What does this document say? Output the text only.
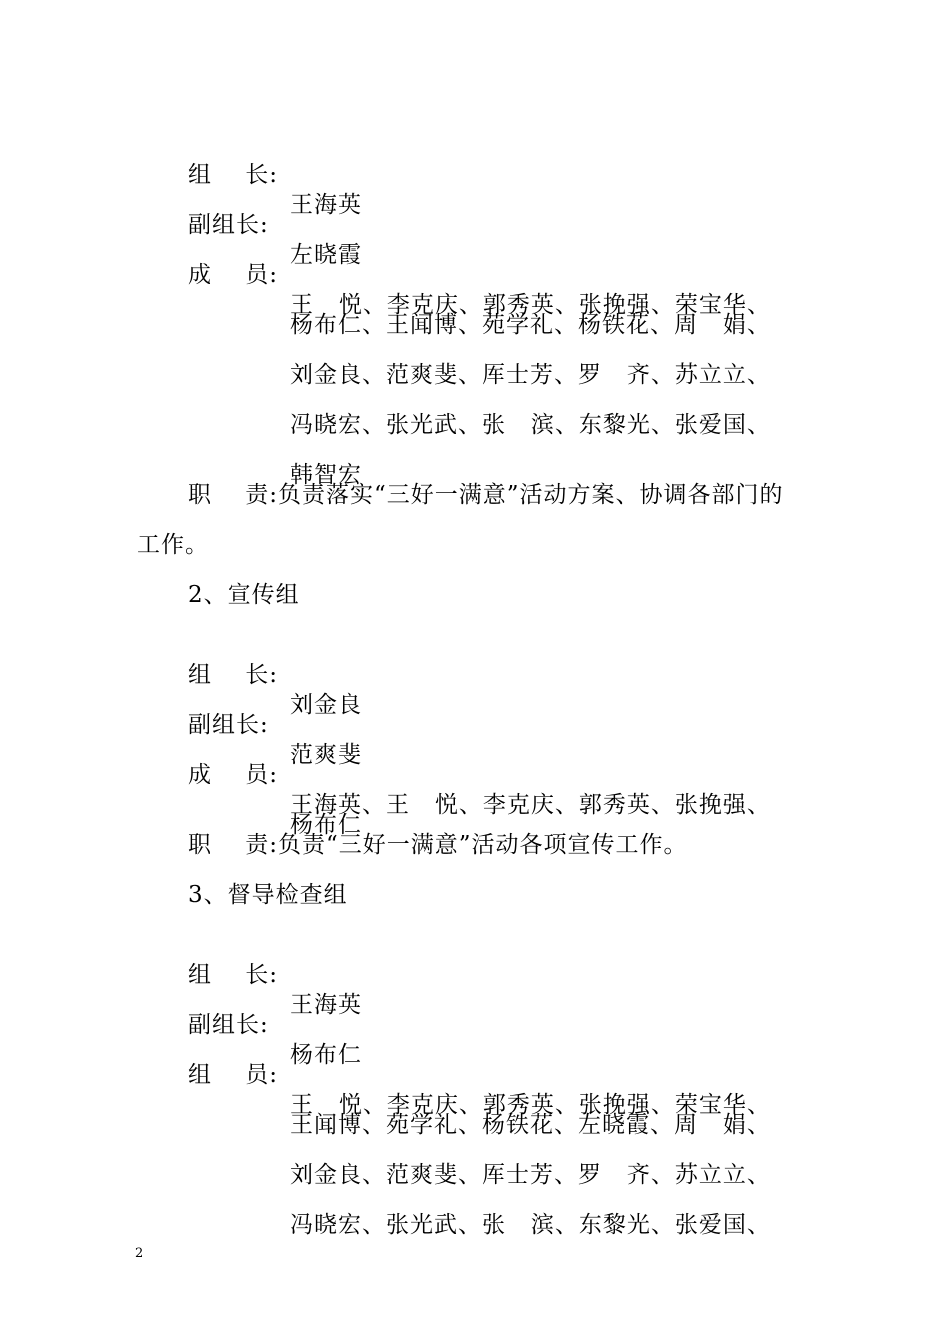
组    长:

王海英

副组长:

左晓霞

成    员:

王   悦、李克庆、郭秀英、张挽强、荣宝华、

杨布仁、王闻博、苑学礼、杨铁花、周   娟、

刘金良、范爽斐、厍士芳、罗   齐、苏立立、

冯晓宏、张光武、张   滨、东黎光、张爱国、

韩智宏

职    责:负责落实“三好一满意”活动方案、协调各部门的
工作。
2、宣传组

组    长:

刘金良

副组长:

范爽斐

成    员:

王海英、王   悦、李克庆、郭秀英、张挽强、

杨布仁

职    责:负责“三好一满意”活动各项宣传工作。
3、督导检查组

组    长:

王海英

副组长:

杨布仁

组    员:

王   悦、李克庆、郭秀英、张挽强、荣宝华、

王闻博、苑学礼、杨铁花、左晓霞、周   娟、

刘金良、范爽斐、厍士芳、罗   齐、苏立立、

冯晓宏、张光武、张   滨、东黎光、张爱国、

2
